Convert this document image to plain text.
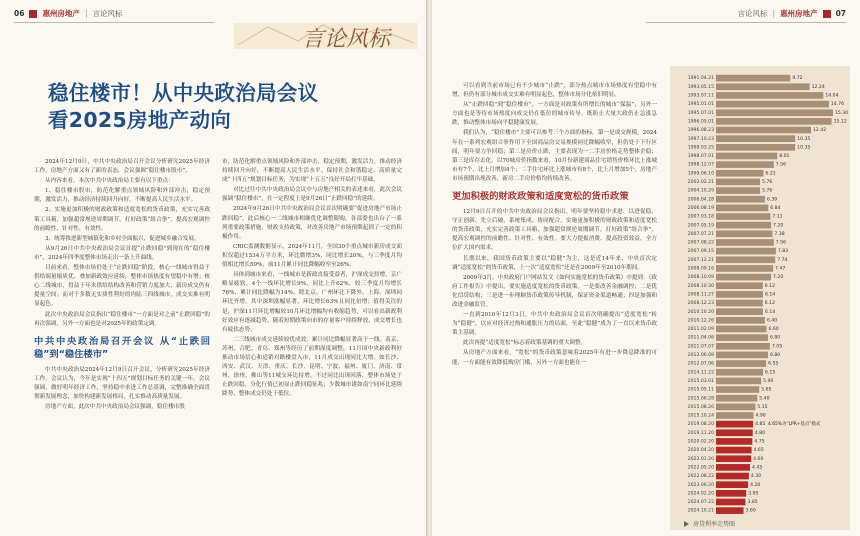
06 惠州房地产 | 言论风标
言论风标
稳住楼市！从中央政治局会议
看2025房地产动向

2024年12月9日，中共中央政治局召开会议分析研究2025年经济工作。房地产方面又有了新的表态，会议强调“稳住楼市股市”。

从内容来看，本次中共中央政治局主要有以下重点：

1、稳住楼市股市，防范化解重点领域风险和外部冲击，稳定预期，激发活力，推动经济持续回升向好，不断提高人民生活水平。

2、实施更加积极的财政政策和适度宽松的货币政策，充实完善政策工具箱，加强超常规逆周期调节，打好政策“组合拳”，提高宏观调控的前瞻性、针对性、有效性。

3、统筹推进新型城镇化和乡村全面振兴，促进城乡融合发展。

从9月26日中共中央政治局会议首提“止跌回稳”到现在的“稳住楼市”，2024年四季度整体市场走出一条上升曲线。

目前来看，整体市场仍处于“止跌回稳”阶段，核心一线城市得益于供给端量缩质优、叠加新政效应延续，整体市场热度有望稳中有增；核心二线城市，得益于年末供给结构改善和营销力度加大，新房成交仍有提量空间；而对于多数无实质性利好的内陆三四线城市，成交实难有明显起色。

此次中央政治局会议指出“稳住楼市”一方面是对之前“止跌回稳”的再次强调，另外一方面也是对2025年的政策定调。

中共中央政治局召开会议 从“止跌回稳”到“稳住楼市”

中共中央政治局2024年12月9日召开会议，分析研究2025年经济工作。会议认为，今年是实现“十四五”规划目标任务的关键一年，会议强调，做好明年经济工作，坚持稳中求进工作总基调，完整准确全面贯彻新发展理念，加快构建新发展格局，扎实推动高质量发展。

房地产方面，此次中共中央政治局会议强调，稳住楼市股

市，防范化解重点领域风险和外部冲击，稳定预期，激发活力，推动经济持续回升向好，不断提高人民生活水平。保持社会和谐稳定，高质量完成“十四五”规划目标任务，为实现“十五五”良好开局打牢基础。

对比过往中共中央政治局会议中与房地产相关的表述来看，此次会议强调“稳住楼市”，在一定程度上是9月26日“止跌回稳”的延续。

2024年9月26日中共中央政治局会议首次明确要“促进房地产市场止跌回稳”，此后核心一二线城市相继优化调整限购，各部委也出台了一系列重要政策措施，财政支持政策，对改善房地产市场预期起到了一定的积极作用。

CRIC监测数据显示，2024年11月，全国30个重点城市新房成交面积仅超过1534万平方米，环比微增3%，同比增长20%，与三季度月均值相比增长59%，前11月累计同比降幅收窄至26%。

具体到城市来看，一线城市是新政直接受益者，沪深成交持增，京广略显疲软。4个一线环比增长9%，同比上升62%，较三季度月均增长76%，累计同比降幅为14%。除北京，广州环比下降外，上海、深圳同环比齐增，其中深圳涨幅显著，环比增长63%且同比倍增；值得关注的是，沪深11月环比增幅较10月环比增幅均有收缩趋势，可以看出新政利好效应有逐减趋势，随着短期政策向市的存量客户持续释放，成交增长也有疲软态势。

二三线城市成交延续较优成效，累计同比降幅显著高于一线。南京、苏州、合肥、青岛、郑州等经历了前期深度调整，11月国中央新政利好推动市场信心和适销对路楼盘入市，11月成交出现同比大增。如长沙、西安、武汉、天津、重庆、长沙、昆明、宁波、福州、厦门、济南、常州、徐州、佛山等11城交环比持增，不过同比出现回落，整体市场处于止跌回稳，分化行情已初显止跌回稳征兆；少数城市诸如南宁同环比延续降势，整体成交仍处于低位。

言论风标 | 惠州房地产 07

可以看到当前市场已有不少城市“止跌”，部分热点城市市场热度有望稳中有增，但仍有部分城市成交实难有明显起色，整体市场分化依旧明显。

从“止跌回稳”到“稳住楼市”，一方面是对政策有所增长的城市“保温”，另外一方面也是等待市场热度向成交仍在低位的城市传导，既防止大量大政仍止急涨急跌，推动整体市场向平稳健康发展。

我们认为，“稳住楼市”主要可以参考三个方面的指标。第一是成交规模，2024年在一系列宏观组合拳作用下全国商品房交易规模同比降幅收窄，但仍处于下行区间，明年要力争回稳；第二是房价止跌，主要表现为一二手房价格走势整体企稳；第三是库存去化，以70城房价指数来看，10月份新建商品住宅销售价格环比上涨城市有7个，比上月增加4个；二手住宅环比上涨城市有8个，比上月增加5个。房地产市场预期出现改善，新房二手房价格均持续改善。

更加积极的财政政策和适度宽松的货币政策

12月9日召开的中共中央政治局会议指出，明年要坚持稳中求进、以进促稳，守正创新、先立后破，系统集成、协同配合，实施更加积极的财政政策和适度宽松的货币政策，充实完善政策工具箱，加强超常规逆周期调节，打好政策“组合拳”，提高宏观调控的前瞻性、针对性、有效性。要大力提振消费、提高投资效益，全方位扩大国内需求。

长期以来，我国货币政策主要以“稳健”为主，这是近14年来，中央首次定调“适度宽松”的货币政策，上一次“适度宽松”还是在2009年至2010年期间。

2009年3月，中央政府门户网站发文《如何实施宽松的货币政策》中提到：《政府工作报告》中提出，要实施适度宽松的货币政策。一是要改善金融调控；二是优化信贷结构；三是进一步理顺货币政策传导机制，保证资金渠道畅通；四是加强和改进金融监管。

一直到2010年12月3日，中共中央政治局会议首次明确提出“适度宽松”转为“稳健”，以应对经济过热和通胀压力的局面，至此“稳健”成为了一直以来货币政策主基调。

此次再提“适度宽松”标志着政策基调的重大调整。

从房地产方面来看，“宽松”的货币政策意味着2025年有进一步降息降准的可能，一方面能有效降低购房门槛，另外一方面也能在一

1991.04.21	9.72
1993.05.15	12.24
1993.07.11	14.04
1995.01.01	14.76
1995.07.01	15.30
1996.05.01	15.12
1996.08.23	12.42
1997.10.23	10.35
1998.03.25	10.35
1998.07.01	8.01
1998.12.07	7.56
1999.06.10	6.21
2002.02.21	5.76
2004.10.29	5.76
2006.04.28	6.39
2006.08.19	6.84
2007.03.18	7.11
2007.05.19	7.20
2007.07.21	7.38
2007.08.22	7.56
2007.09.15	7.83
2007.12.21	7.74
2008.09.16	7.47
2008.10.09	7.20
2008.10.30	6.12
2008.11.27	6.14
2008.12.23	6.12
2010.10.20	6.14
2010.12.26	6.40
2011.02.09	6.60
2011.04.06	6.80
2011.07.07	7.05
2012.06.08	6.80
2012.07.06	6.55
2014.11.22	6.15
2015.03.01	5.90
2015.05.11	5.65
2015.06.28	5.40
2015.08.26	5.15
2015.10.24	4.90
2019.08.20	4.85
2019.11.20	4.80
2020.02.20	4.75
2020.04.20	4.65
2022.01.20	4.60
2022.05.20	4.45
2022.08.22	4.30
2023.06.20	4.20
2024.02.20	3.95
2024.07.22	3.85
2024.10.21	3.60
4.65%为“LPR+基点”模式
房贷利率走势图
